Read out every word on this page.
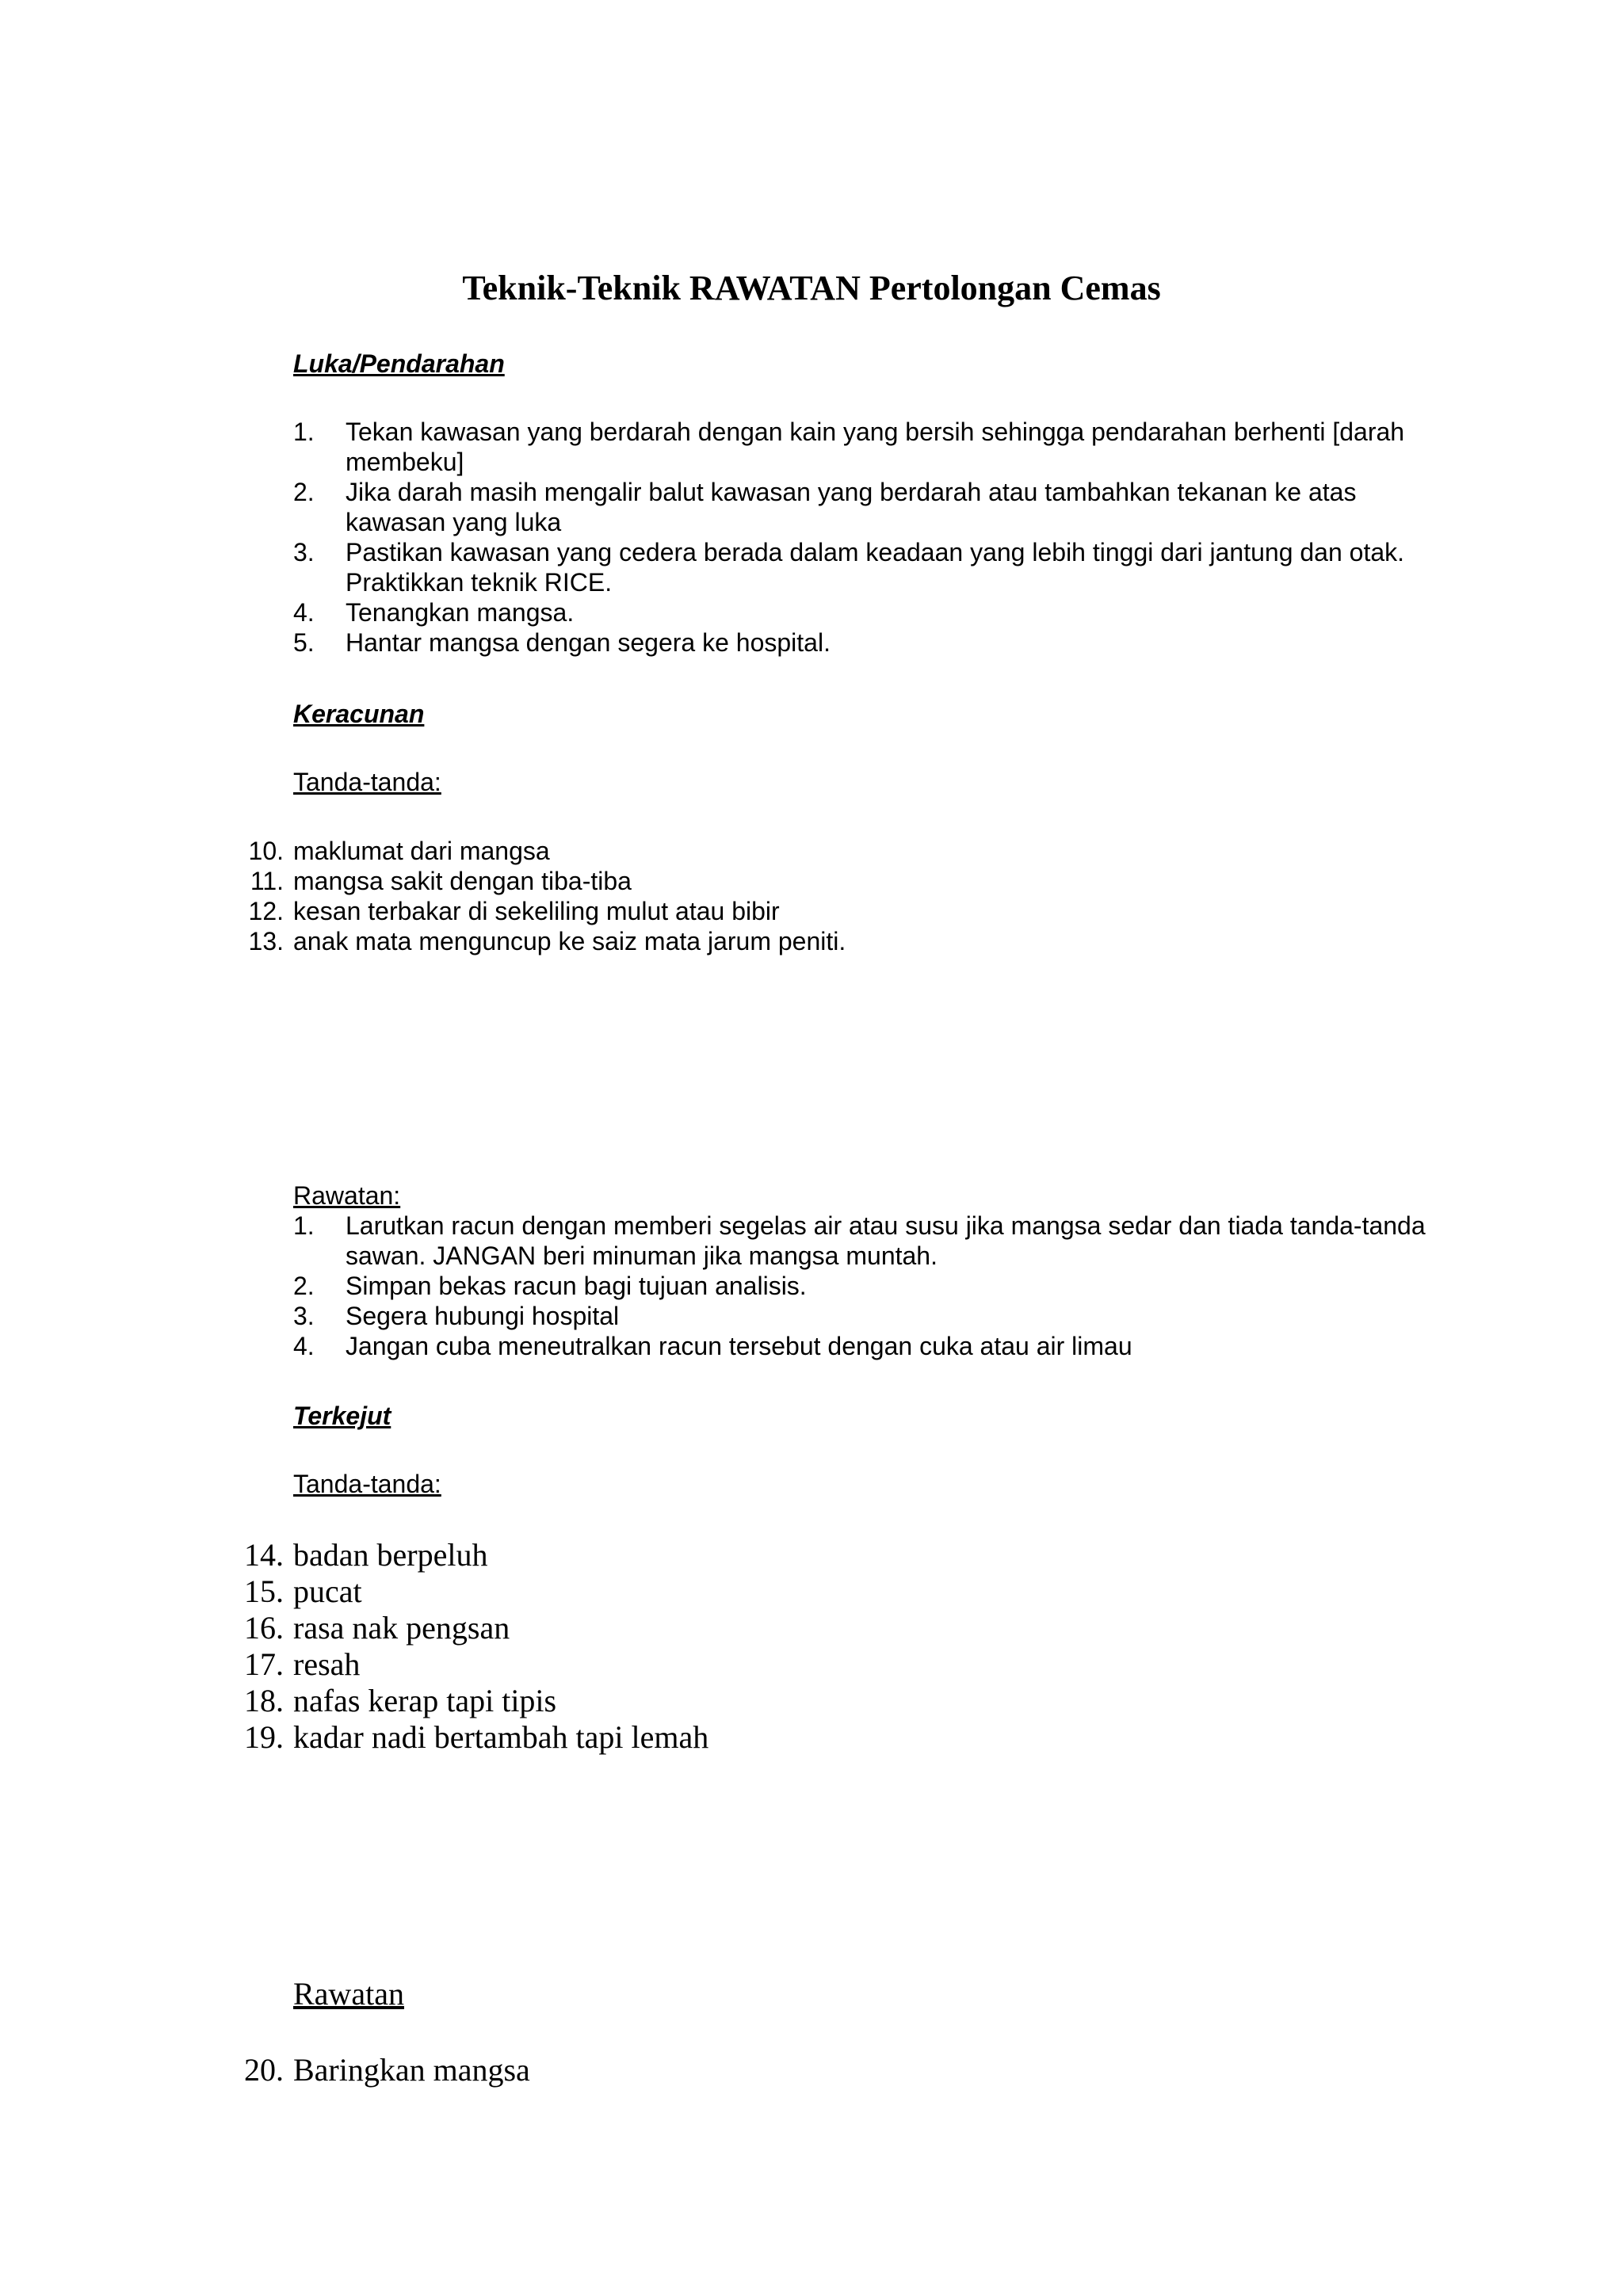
Teknik-Teknik RAWATAN Pertolongan Cemas
Luka/Pendarahan
1.	Tekan kawasan yang berdarah dengan kain yang bersih sehingga pendarahan berhenti [darah membeku]
2.	Jika darah masih mengalir balut kawasan yang berdarah atau tambahkan tekanan ke atas kawasan yang luka
3.	Pastikan kawasan yang cedera berada dalam keadaan yang lebih tinggi dari jantung dan otak. Praktikkan teknik RICE.
4.	Tenangkan mangsa.
5.	Hantar mangsa dengan segera ke hospital.
Keracunan
Tanda-tanda:
10. maklumat dari mangsa
11. mangsa sakit dengan tiba-tiba
12. kesan terbakar di sekeliling mulut atau bibir
13. anak mata menguncup ke saiz mata jarum peniti.
Rawatan:
1.	Larutkan racun dengan memberi segelas air atau susu jika mangsa sedar dan tiada tanda-tanda sawan. JANGAN beri minuman jika mangsa muntah.
2.	Simpan bekas racun bagi tujuan analisis.
3.	Segera hubungi hospital
4.	Jangan cuba meneutralkan racun tersebut dengan cuka atau air limau
Terkejut
Tanda-tanda:
14. badan berpeluh
15. pucat
16. rasa nak pengsan
17. resah
18. nafas kerap tapi tipis
19. kadar nadi bertambah tapi lemah
Rawatan
20. Baringkan mangsa
